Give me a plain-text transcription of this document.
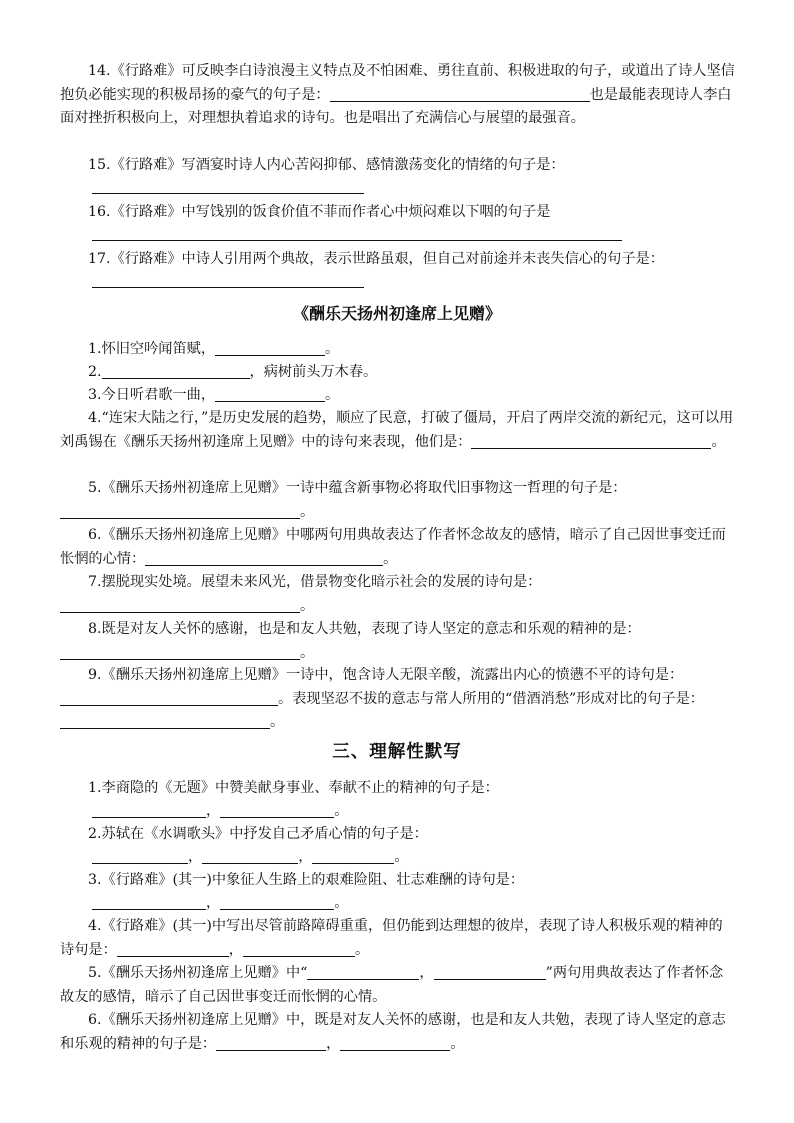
14.《行路难》可反映李白诗浪漫主义特点及不怕困难、勇往直前、积极进取的句子，或道出了诗人坚信抱负必能实现的积极昂扬的豪气的句子是：	也是最能表现诗人李白面对挫折积极向上，对理想执着追求的诗句。也是唱出了充满信心与展望的最强音。

15.《行路难》写酒宴时诗人内心苦闷抑郁、感情激荡变化的情绪的句子是：

16.《行路难》中写饯别的饭食价值不菲而作者心中烦闷难以下咽的句子是

17.《行路难》中诗人引用两个典故，表示世路虽艰，但自己对前途并未丧失信心的句子是：

《酬乐天扬州初逢席上见赠》

1.怀旧空吟闻笛赋，	。

2.	，病树前头万木春。

3.今日听君歌一曲，	。

4.“连宋大陆之行，”是历史发展的趋势，顺应了民意，打破了僵局，开启了两岸交流的新纪元，这可以用刘禹锡在《酬乐天扬州初逢席上见赠》中的诗句来表现，他们是：	。

5.《酬乐天扬州初逢席上见赠》一诗中蕴含新事物必将取代旧事物这一哲理的句子是：。

6.《酬乐天扬州初逢席上见赠》中哪两句用典故表达了作者怀念故友的感情，暗示了自己因世事变迁而怅惘的心情：	。

7.摆脱现实处境。展望未来风光，借景物变化暗示社会的发展的诗句是：。

8.既是对友人关怀的感谢，也是和友人共勉，表现了诗人坚定的意志和乐观的精神的是：。

9.《酬乐天扬州初逢席上见赠》一诗中，饱含诗人无限辛酸，流露出内心的愤懑不平的诗句是：。表现坚忍不拔的意志与常人所用的“借酒消愁”形成对比的句子是：。

三、理解性默写

1.李商隐的《无题》中赞美献身事业、奉献不止的精神的句子是：

，	。

2.苏轼在《水调歌头》中抒发自己矛盾心情的句子是：

，	，	。

3.《行路难》(其一)中象征人生路上的艰难险阻、壮志难酬的诗句是：

，	。

4.《行路难》(其一)中写出尽管前路障碍重重，但仍能到达理想的彼岸，表现了诗人积极乐观的精神的诗句是：	，	。

5.《酬乐天扬州初逢席上见赠》中“	，	”两句用典故表达了作者怀念故友的感情，暗示了自己因世事变迁而怅惘的心情。

6.《酬乐天扬州初逢席上见赠》中，既是对友人关怀的感谢，也是和友人共勉，表现了诗人坚定的意志和乐观的精神的句子是：	，	。
